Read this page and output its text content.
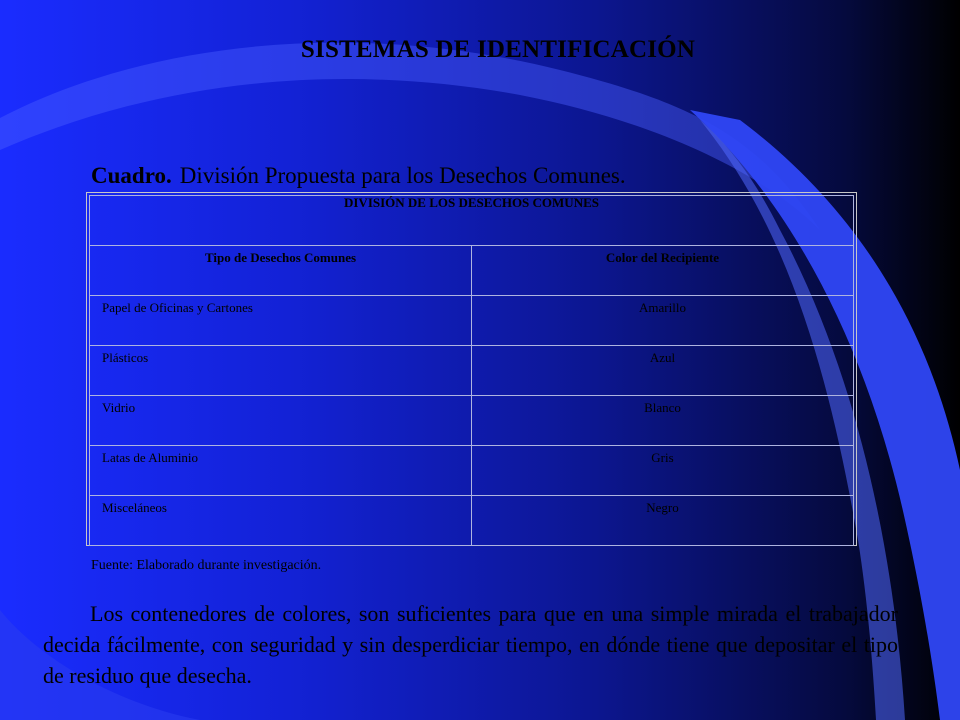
SISTEMAS DE IDENTIFICACIÓN
Cuadro. División Propuesta para los Desechos Comunes.
DIVISIÓN DE LOS DESECHOS COMUNES	
Tipo de Desechos Comunes	Color del Recipiente
Papel de Oficinas y Cartones	Amarillo
Plásticos	Azul
Vidrio	Blanco
Latas de Aluminio	Gris
Misceláneos	Negro
Fuente: Elaborado durante investigación.
Los contenedores de colores, son suficientes para que en una simple mirada el trabajador decida fácilmente, con seguridad y sin desperdiciar tiempo, en dónde tiene que depositar el tipo de residuo que desecha.
